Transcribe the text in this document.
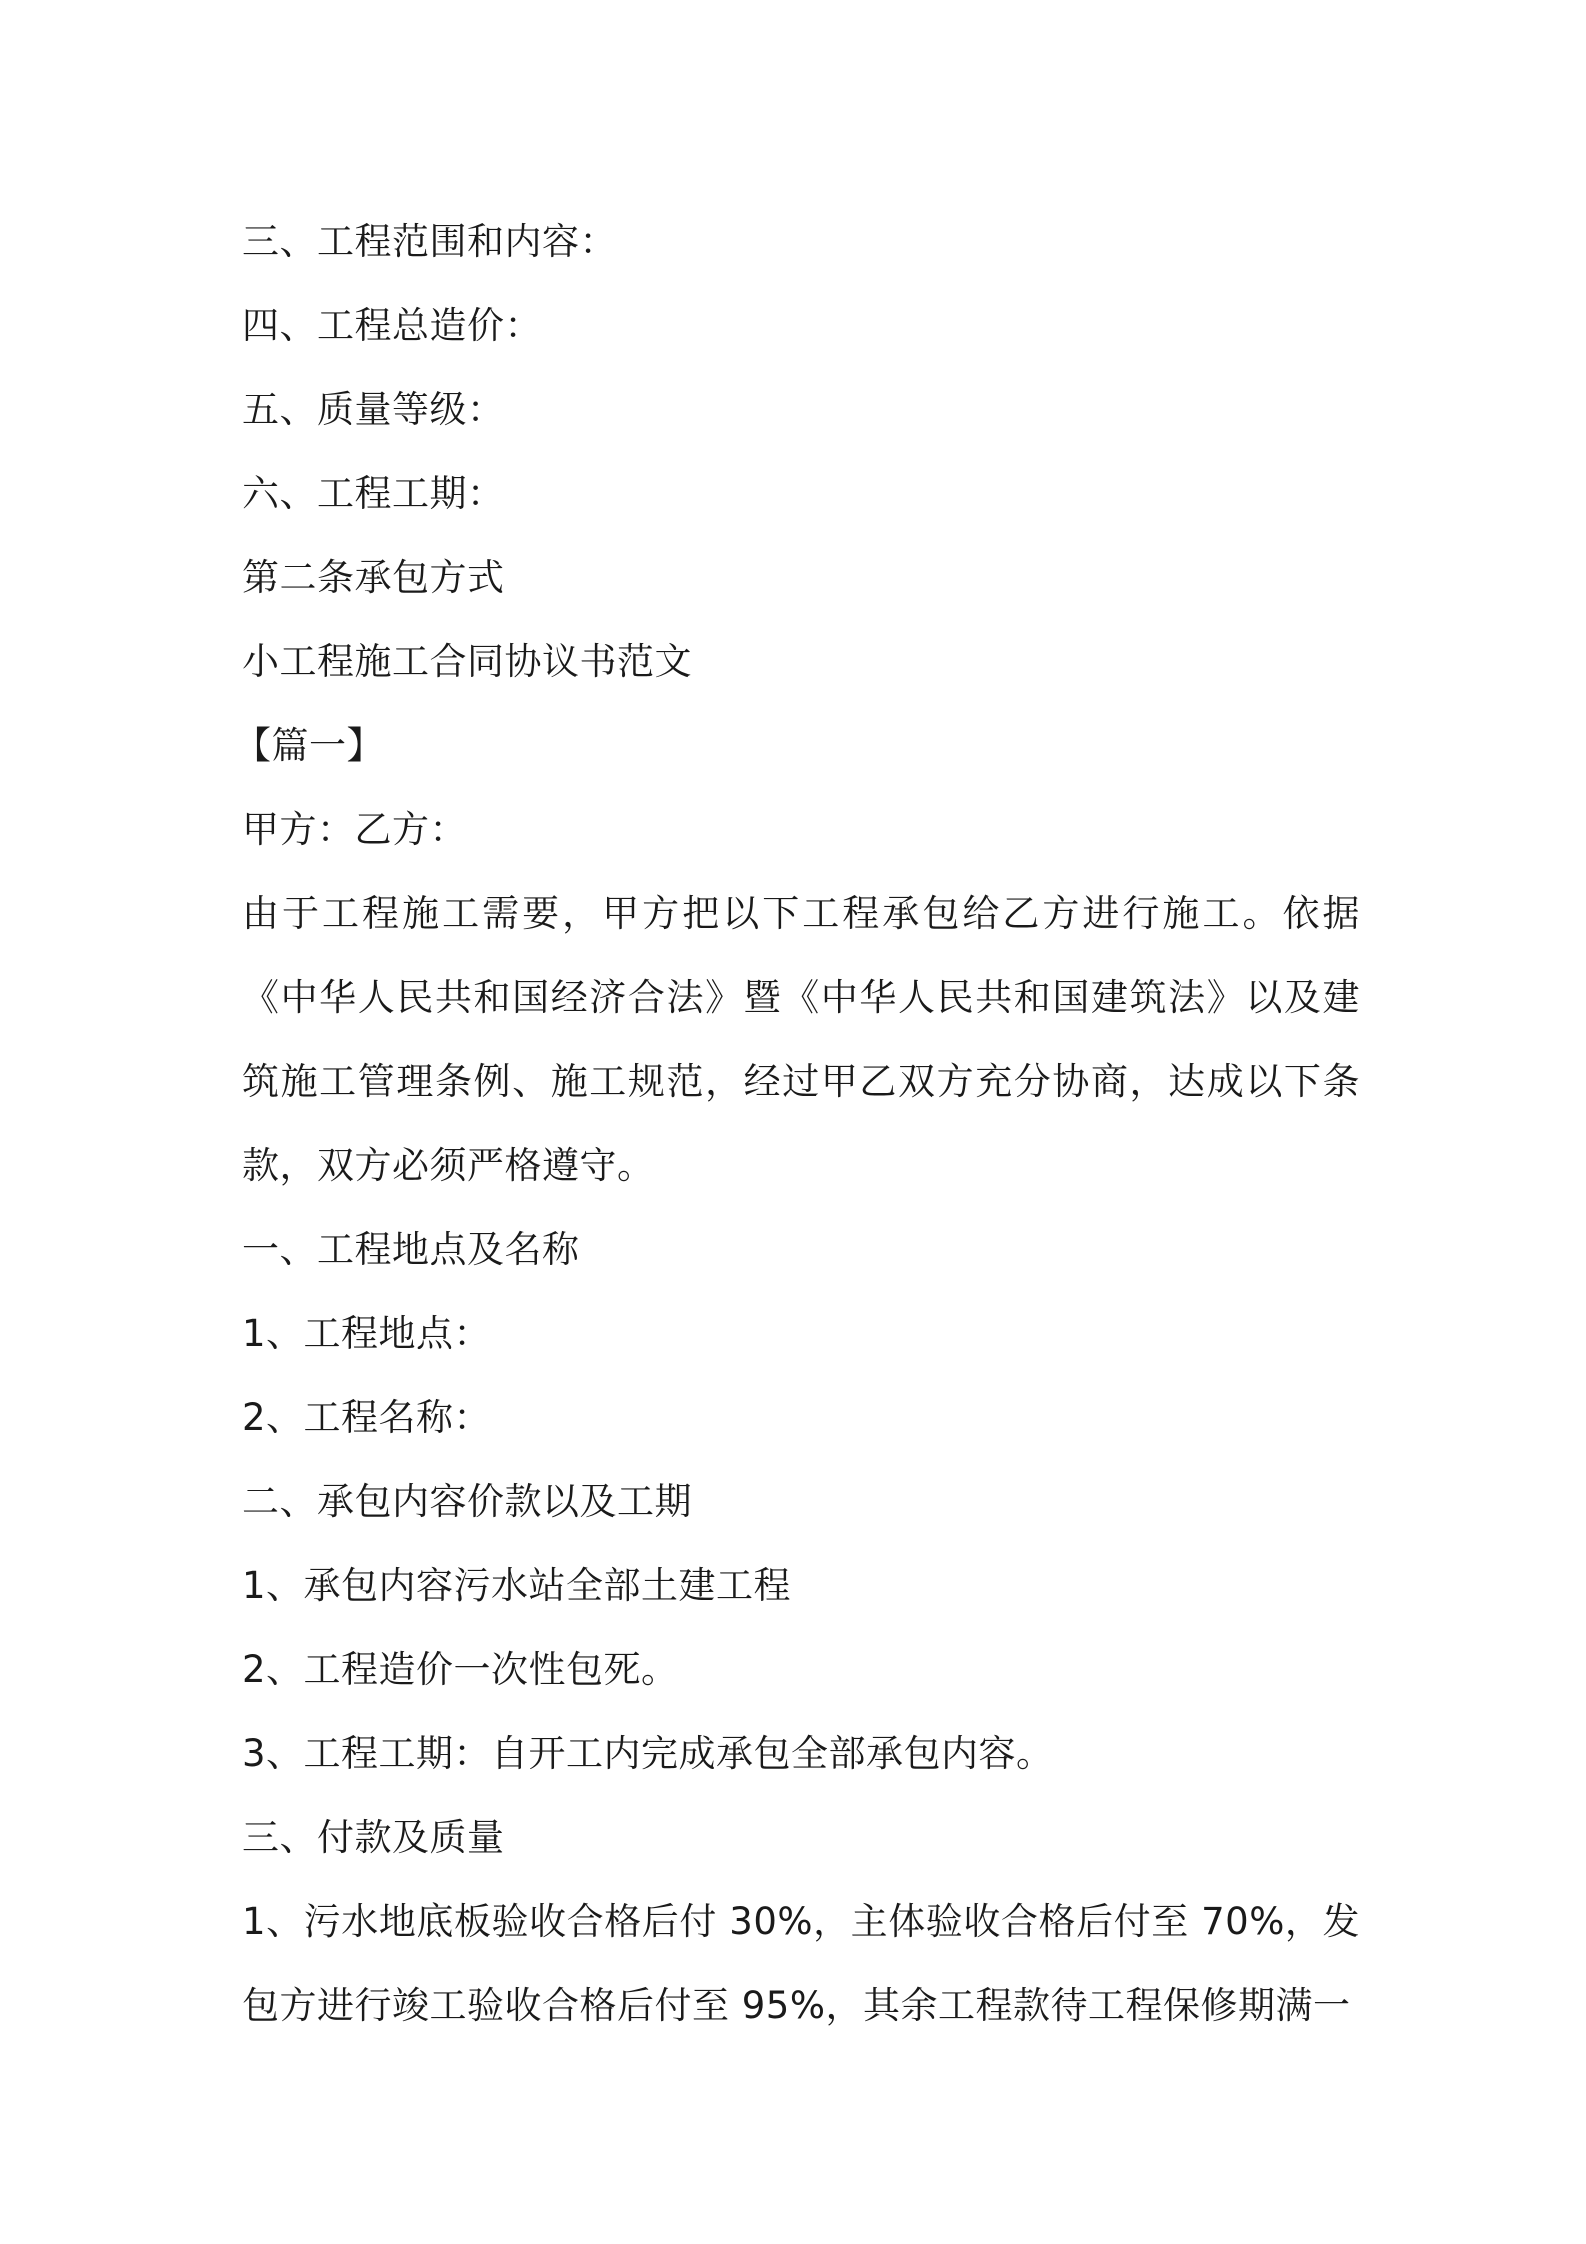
三、工程范围和内容：
四、工程总造价：
五、质量等级：
六、工程工期：
第二条承包方式
小工程施工合同协议书范文
【篇一】
甲方：乙方：
由于工程施工需要，甲方把以下工程承包给乙方进行施工。依据《中华人民共和国经济合法》暨《中华人民共和国建筑法》以及建筑施工管理条例、施工规范，经过甲乙双方充分协商，达成以下条款，双方必须严格遵守。
一、工程地点及名称
1、工程地点：
2、工程名称：
二、承包内容价款以及工期
1、承包内容污水站全部土建工程
2、工程造价一次性包死。
3、工程工期：自开工内完成承包全部承包内容。
三、付款及质量
1、污水地底板验收合格后付 30%，主体验收合格后付至 70%，发包方进行竣工验收合格后付至 95%，其余工程款待工程保修期满一
